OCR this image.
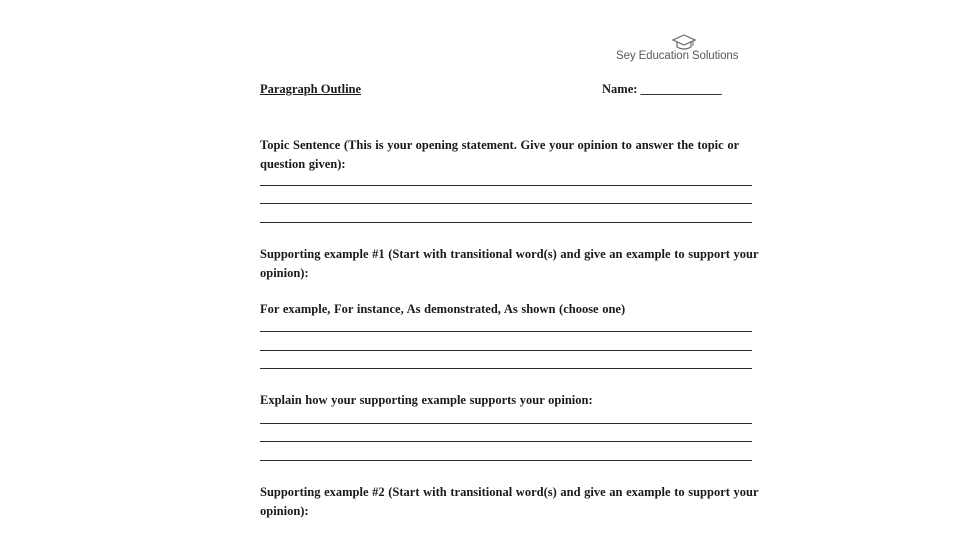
Sey Education Solutions
Paragraph Outline	Name: _____________
Topic Sentence (This is your opening statement. Give your opinion to answer the topic or question given):
Supporting example #1 (Start with transitional word(s) and give an example to support your opinion):
For example, For instance, As demonstrated, As shown (choose one)
Explain how your supporting example supports your opinion:
Supporting example #2 (Start with transitional word(s) and give an example to support your opinion):
